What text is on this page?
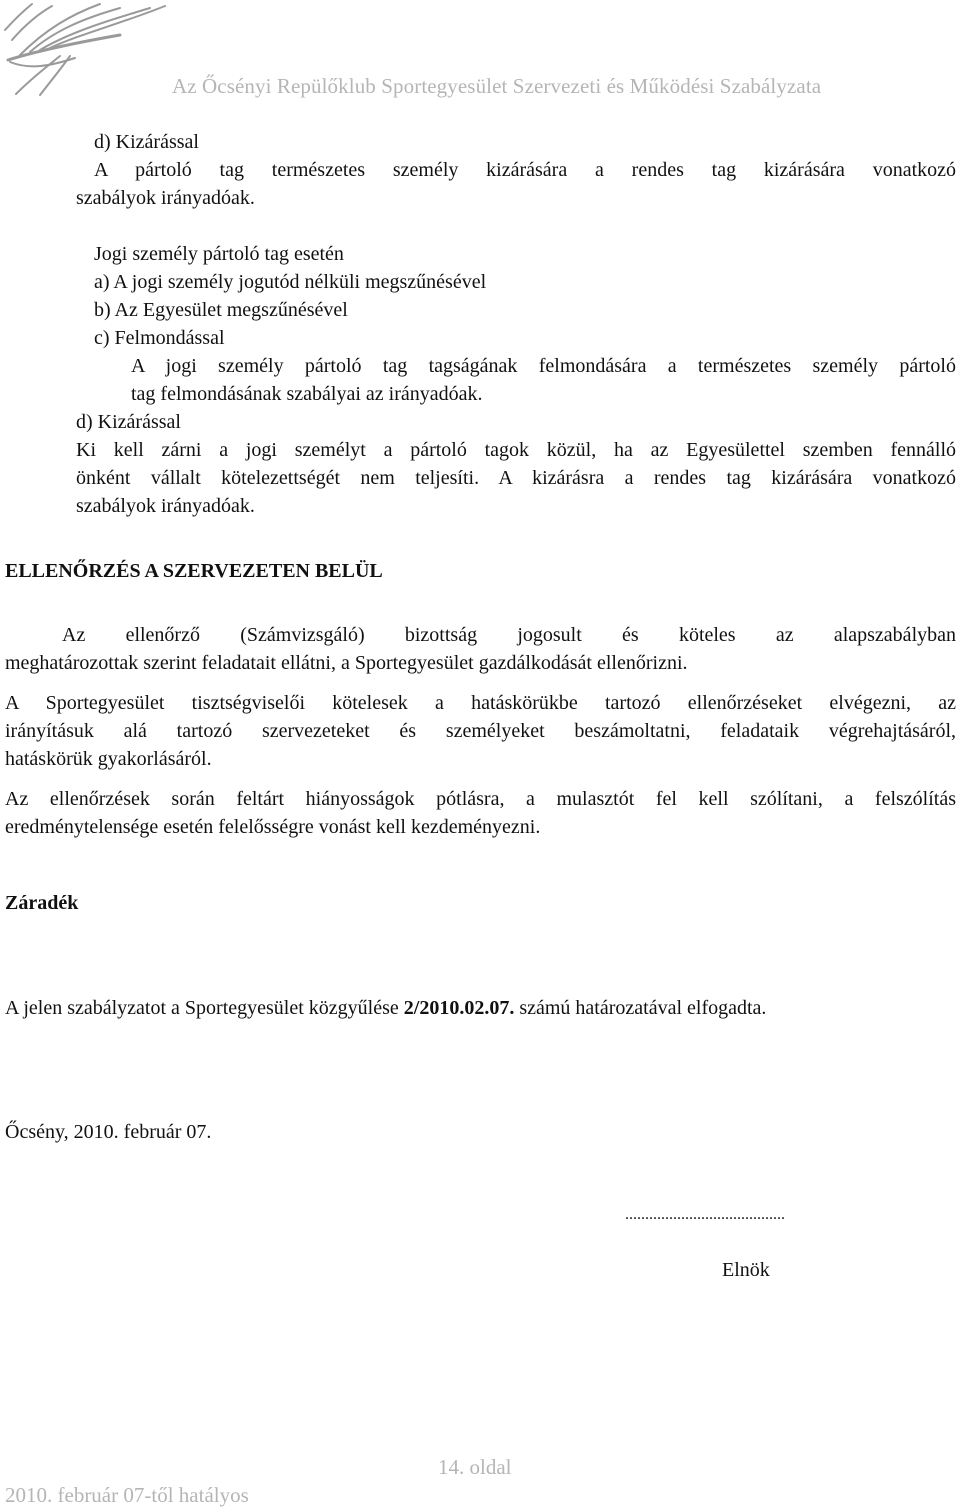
Az Őcsényi Repülőklub Sportegyesület Szervezeti és Működési Szabályzata
d) Kizárással
A pártoló tag természetes személy kizárására a rendes tag kizárására vonatkozó
szabályok irányadóak.
Jogi személy pártoló tag esetén
a) A jogi személy jogutód nélküli megszűnésével
b) Az Egyesület megszűnésével
c) Felmondással
A jogi személy pártoló tag tagságának felmondására a természetes személy pártoló
tag felmondásának szabályai az irányadóak.
d) Kizárással
Ki kell zárni a jogi személyt a pártoló tagok közül, ha az Egyesülettel szemben fennálló
önként vállalt kötelezettségét nem teljesíti. A kizárásra a rendes tag kizárására vonatkozó
szabályok irányadóak.
ELLENŐRZÉS A SZERVEZETEN BELÜL
Az ellenőrző (Számvizsgáló) bizottság jogosult és köteles az alapszabályban
meghatározottak szerint feladatait ellátni, a Sportegyesület gazdálkodását ellenőrizni.
A Sportegyesület tisztségviselői kötelesek a hatáskörükbe tartozó ellenőrzéseket elvégezni, az
irányításuk alá tartozó szervezeteket és személyeket beszámoltatni, feladataik végrehajtásáról,
hatáskörük gyakorlásáról.
Az ellenőrzések során feltárt hiányosságok pótlásra, a mulasztót fel kell szólítani, a felszólítás
eredménytelensége esetén felelősségre vonást kell kezdeményezni.
Záradék
A jelen szabályzatot a Sportegyesület közgyűlése 2/2010.02.07. számú határozatával elfogadta.
Őcsény, 2010. február 07.
........................................
Elnök
14. oldal
2010. február 07-től hatályos
